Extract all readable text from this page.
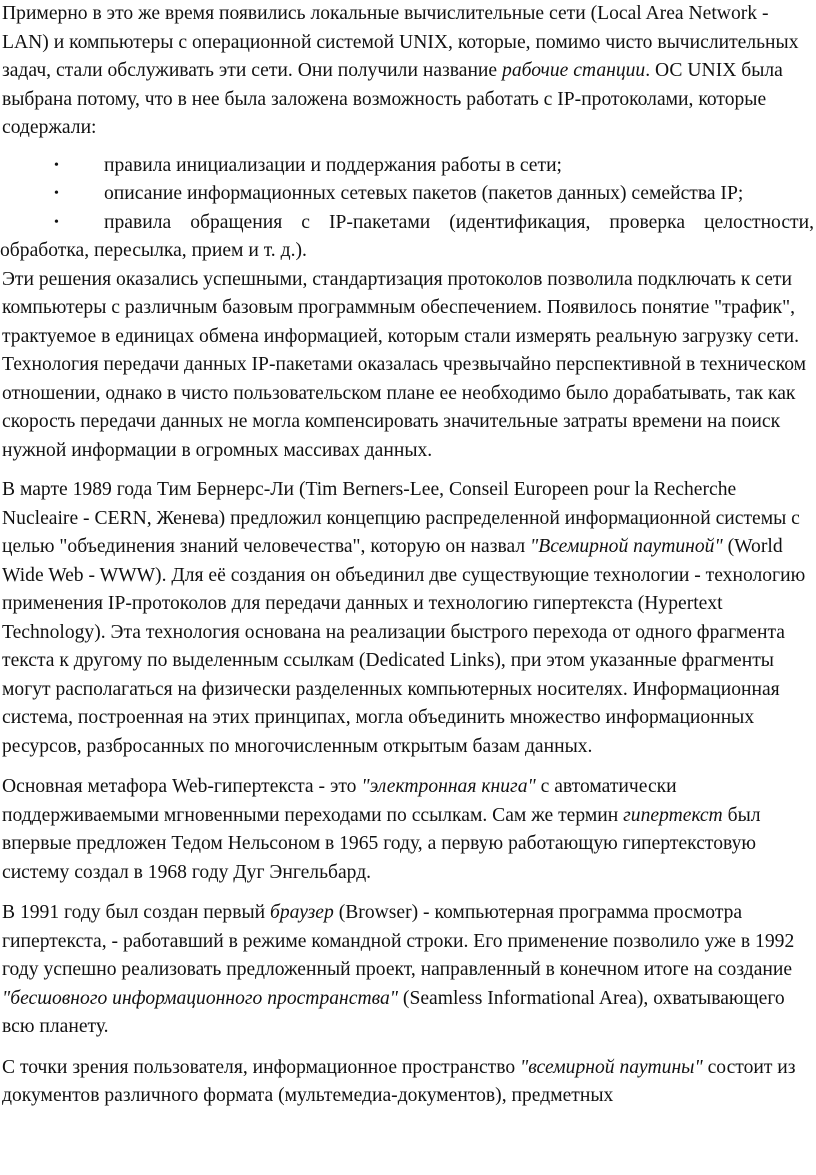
Примерно в это же время появились локальные вычислительные сети (Local Area Network - LAN) и компьютеры с операционной системой UNIX, которые, помимо чисто вычислительных задач, стали обслуживать эти сети. Они получили название рабочие станции. ОС UNIX была выбрана потому, что в нее была заложена возможность работать с IP-протоколами, которые содержали:

• правила инициализации и поддержания работы в сети;
• описание информационных сетевых пакетов (пакетов данных) семейства IP;
• правила обращения с IP-пакетами (идентификация, проверка целостности, обработка, пересылка, прием и т. д.).

Эти решения оказались успешными, стандартизация протоколов позволила подключать к сети компьютеры с различным базовым программным обеспечением. Появилось понятие "трафик", трактуемое в единицах обмена информацией, которым стали измерять реальную загрузку сети. Технология передачи данных IP-пакетами оказалась чрезвычайно перспективной в техническом отношении, однако в чисто пользовательском плане ее необходимо было дорабатывать, так как скорость передачи данных не могла компенсировать значительные затраты времени на поиск нужной информации в огромных массивах данных.

В марте 1989 года Тим Бернерс-Ли (Tim Berners-Lee, Conseil Europeen pour la Recherche Nucleaire - CERN, Женева) предложил концепцию распределенной информационной системы с целью "объединения знаний человечества", которую он назвал "Всемирной паутиной" (World Wide Web - WWW). Для её создания он объединил две существующие технологии - технологию применения IP-протоколов для передачи данных и технологию гипертекста (Hypertext Technology). Эта технология основана на реализации быстрого перехода от одного фрагмента текста к другому по выделенным ссылкам (Dedicated Links), при этом указанные фрагменты могут располагаться на физически разделенных компьютерных носителях. Информационная система, построенная на этих принципах, могла объединить множество информационных ресурсов, разбросанных по многочисленным открытым базам данных.

Основная метафора Web-гипертекста - это "электронная книга" с автоматически поддерживаемыми мгновенными переходами по ссылкам. Сам же термин гипертекст был впервые предложен Тедом Нельсоном в 1965 году, а первую работающую гипертекстовую систему создал в 1968 году Дуг Энгельбард.

В 1991 году был создан первый браузер (Browser) - компьютерная программа просмотра гипертекста, - работавший в режиме командной строки. Его применение позволило уже в 1992 году успешно реализовать предложенный проект, направленный в конечном итоге на создание "бесшовного информационного пространства" (Seamless Informational Area), охватывающего всю планету.

С точки зрения пользователя, информационное пространство "всемирной паутины" состоит из документов различного формата (мультемедиа-документов), предметных
